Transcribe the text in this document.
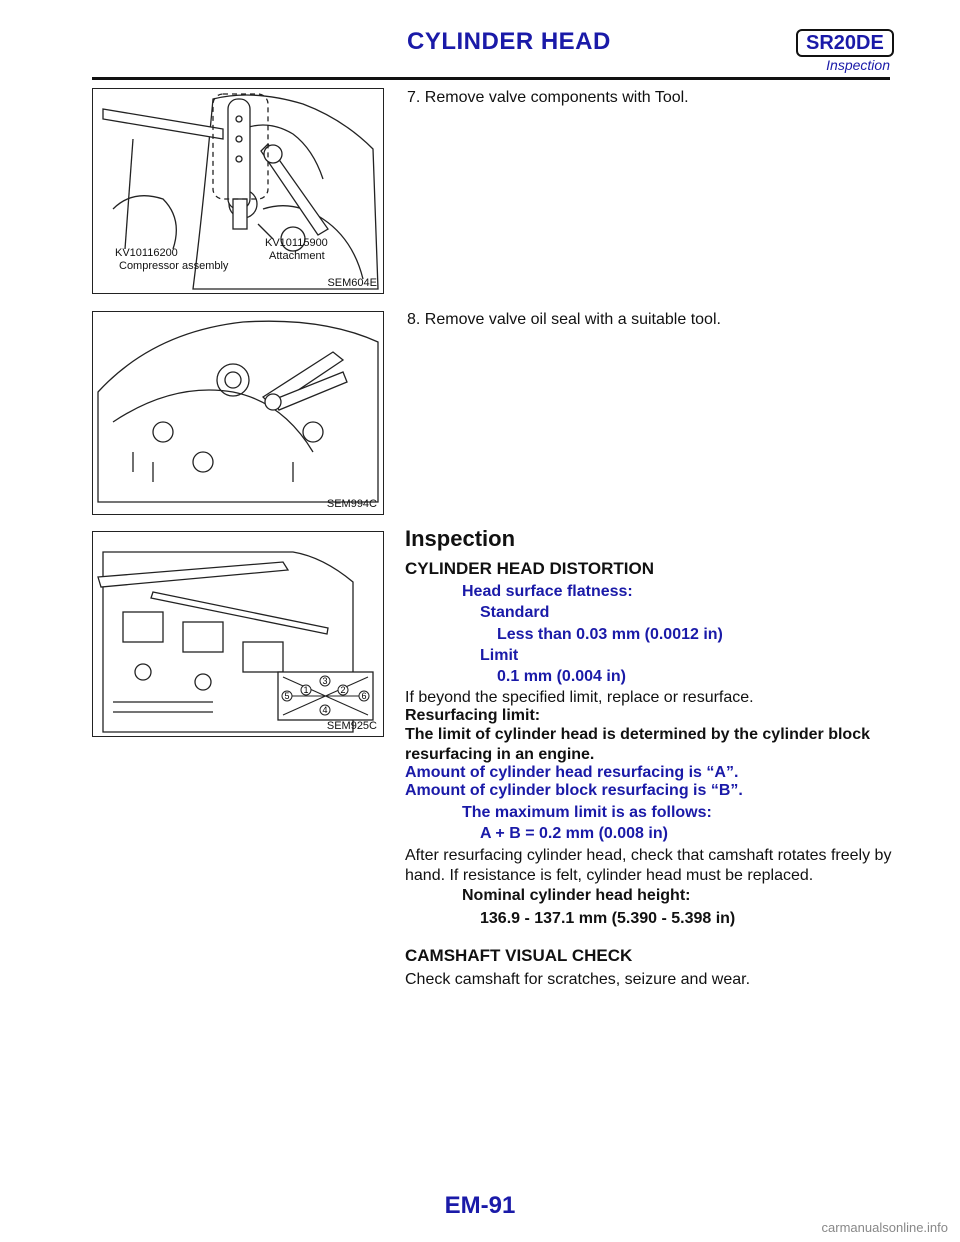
CYLINDER HEAD	SR20DE
Inspection
KV10116200
Compressor assembly
KV10115900
Attachment
SEM604E
SEM994C
1	2
3
4
5	6
SEM925C
7. Remove valve components with Tool.
8. Remove valve oil seal with a suitable tool.
Inspection
CYLINDER HEAD DISTORTION
Head surface flatness:
Standard
Less than 0.03 mm (0.0012 in)
Limit
0.1 mm (0.004 in)
If beyond the specified limit, replace or resurface.
Resurfacing limit:
The limit of cylinder head is determined by the cylinder block resurfacing in an engine.
Amount of cylinder head resurfacing is “A”.
Amount of cylinder block resurfacing is “B”.
The maximum limit is as follows:
A + B = 0.2 mm (0.008 in)
After resurfacing cylinder head, check that camshaft rotates freely by hand. If resistance is felt, cylinder head must be replaced.
Nominal cylinder head height:
136.9 - 137.1 mm (5.390 - 5.398 in)
CAMSHAFT VISUAL CHECK
Check camshaft for scratches, seizure and wear.
EM-91
carmanualsonline.info
